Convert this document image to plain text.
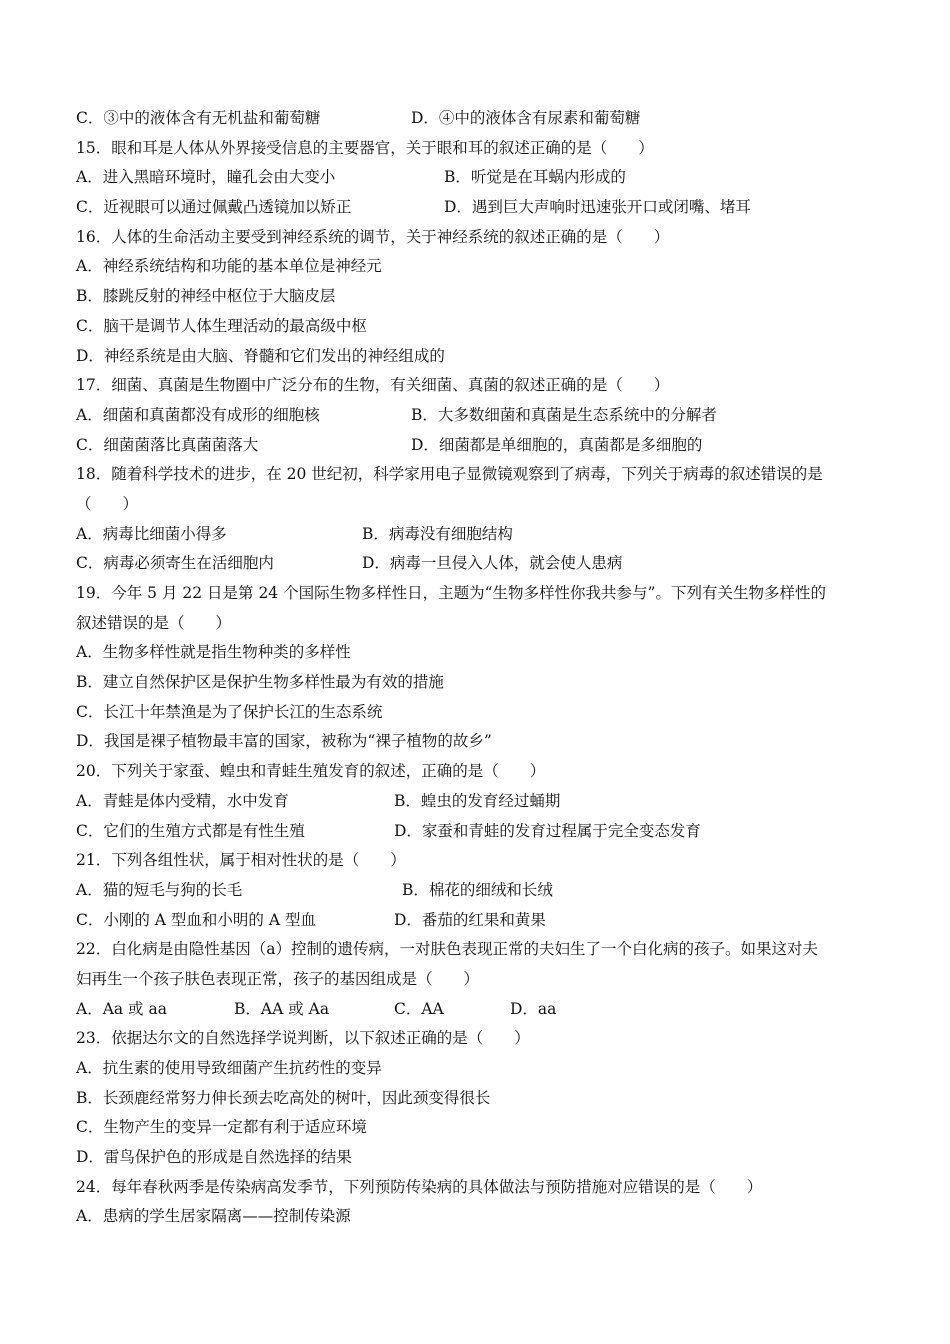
C．③中的液体含有无机盐和葡萄糖	D．④中的液体含有尿素和葡萄糖
15．眼和耳是人体从外界接受信息的主要器官，关于眼和耳的叙述正确的是（　　）
A．进入黑暗环境时，瞳孔会由大变小	B．听觉是在耳蜗内形成的
C．近视眼可以通过佩戴凸透镜加以矫正	D．遇到巨大声响时迅速张开口或闭嘴、堵耳
16．人体的生命活动主要受到神经系统的调节，关于神经系统的叙述正确的是（　　）
A．神经系统结构和功能的基本单位是神经元
B．膝跳反射的神经中枢位于大脑皮层
C．脑干是调节人体生理活动的最高级中枢
D．神经系统是由大脑、脊髓和它们发出的神经组成的
17．细菌、真菌是生物圈中广泛分布的生物，有关细菌、真菌的叙述正确的是（　　）
A．细菌和真菌都没有成形的细胞核	B．大多数细菌和真菌是生态系统中的分解者
C．细菌菌落比真菌菌落大	D．细菌都是单细胞的，真菌都是多细胞的
18．随着科学技术的进步，在 20 世纪初，科学家用电子显微镜观察到了病毒，下列关于病毒的叙述错误的是
（　　）
A．病毒比细菌小得多	B．病毒没有细胞结构
C．病毒必须寄生在活细胞内	D．病毒一旦侵入人体，就会使人患病
19．今年 5 月 22 日是第 24 个国际生物多样性日，主题为“生物多样性你我共参与”。下列有关生物多样性的
叙述错误的是（　　）
A．生物多样性就是指生物种类的多样性
B．建立自然保护区是保护生物多样性最为有效的措施
C．长江十年禁渔是为了保护长江的生态系统
D．我国是裸子植物最丰富的国家，被称为“裸子植物的故乡”
20．下列关于家蚕、蝗虫和青蛙生殖发育的叙述，正确的是（　　）
A．青蛙是体内受精，水中发育	B．蝗虫的发育经过蛹期
C．它们的生殖方式都是有性生殖	D．家蚕和青蛙的发育过程属于完全变态发育
21．下列各组性状，属于相对性状的是（　　）
A．猫的短毛与狗的长毛	B．棉花的细绒和长绒
C．小刚的 A 型血和小明的 A 型血	D．番茄的红果和黄果
22．白化病是由隐性基因（a）控制的遗传病，一对肤色表现正常的夫妇生了一个白化病的孩子。如果这对夫
妇再生一个孩子肤色表现正常，孩子的基因组成是（　　）
A．Aa 或 aa	B．AA 或 Aa	C．AA	D．aa
23．依据达尔文的自然选择学说判断，以下叙述正确的是（　　）
A．抗生素的使用导致细菌产生抗药性的变异
B．长颈鹿经常努力伸长颈去吃高处的树叶，因此颈变得很长
C．生物产生的变异一定都有利于适应环境
D．雷鸟保护色的形成是自然选择的结果
24．每年春秋两季是传染病高发季节，下列预防传染病的具体做法与预防措施对应错误的是（　　）
A．患病的学生居家隔离——控制传染源
